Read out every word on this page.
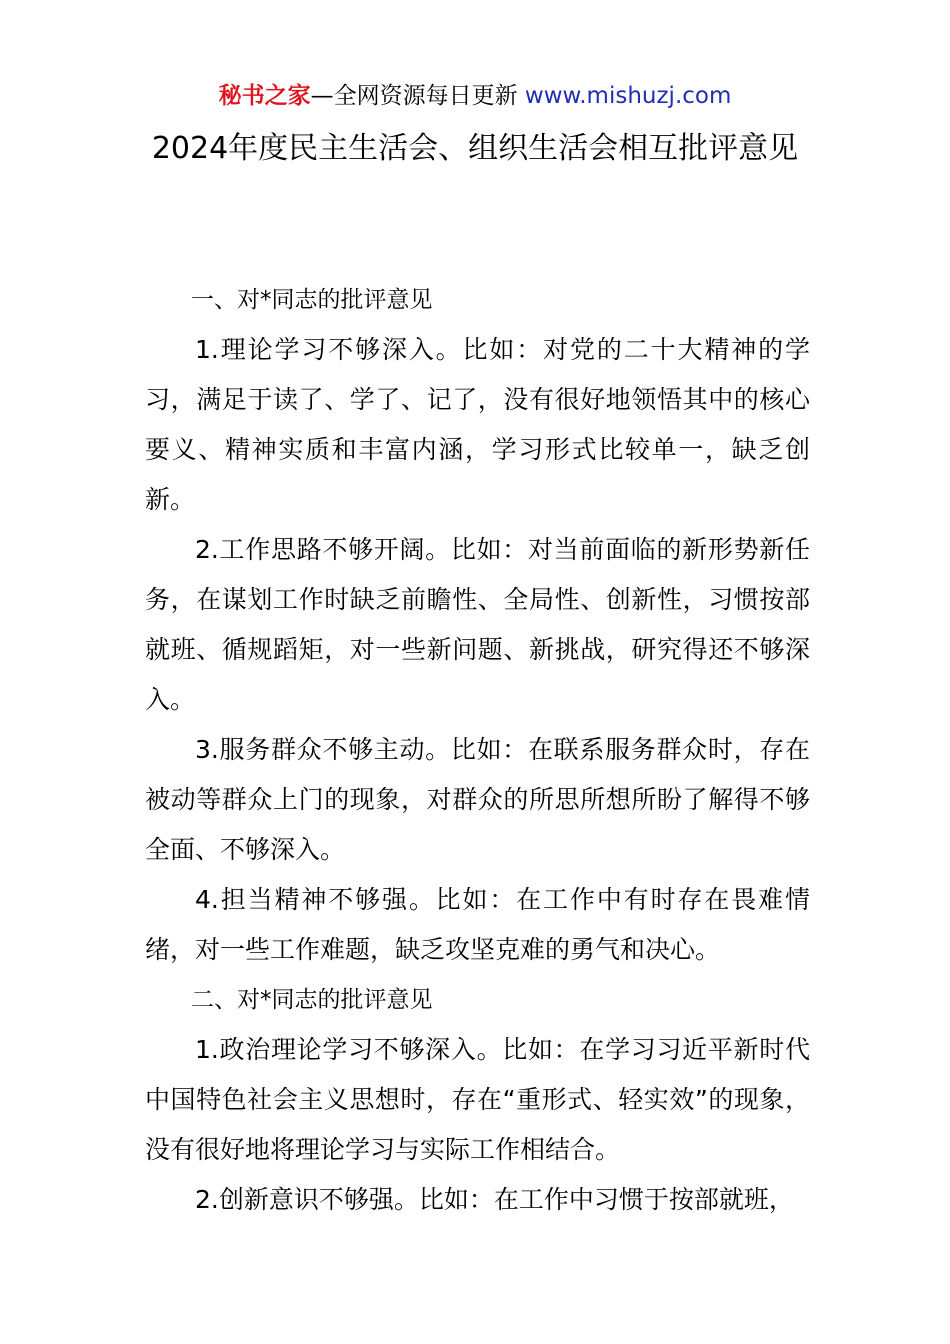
秘书之家—全网资源每日更新 www.mishuzj.com
2024年度民主生活会、组织生活会相互批评意见

一、对*同志的批评意见

1.理论学习不够深入。比如：对党的二十大精神的学习，满足于读了、学了、记了，没有很好地领悟其中的核心要义、精神实质和丰富内涵，学习形式比较单一，缺乏创新。

2.工作思路不够开阔。比如：对当前面临的新形势新任务，在谋划工作时缺乏前瞻性、全局性、创新性，习惯按部就班、循规蹈矩，对一些新问题、新挑战，研究得还不够深入。

3.服务群众不够主动。比如：在联系服务群众时，存在被动等群众上门的现象，对群众的所思所想所盼了解得不够全面、不够深入。

4.担当精神不够强。比如：在工作中有时存在畏难情绪，对一些工作难题，缺乏攻坚克难的勇气和决心。

二、对*同志的批评意见

1.政治理论学习不够深入。比如：在学习习近平新时代中国特色社会主义思想时，存在“重形式、轻实效”的现象，没有很好地将理论学习与实际工作相结合。

2.创新意识不够强。比如：在工作中习惯于按部就班，
